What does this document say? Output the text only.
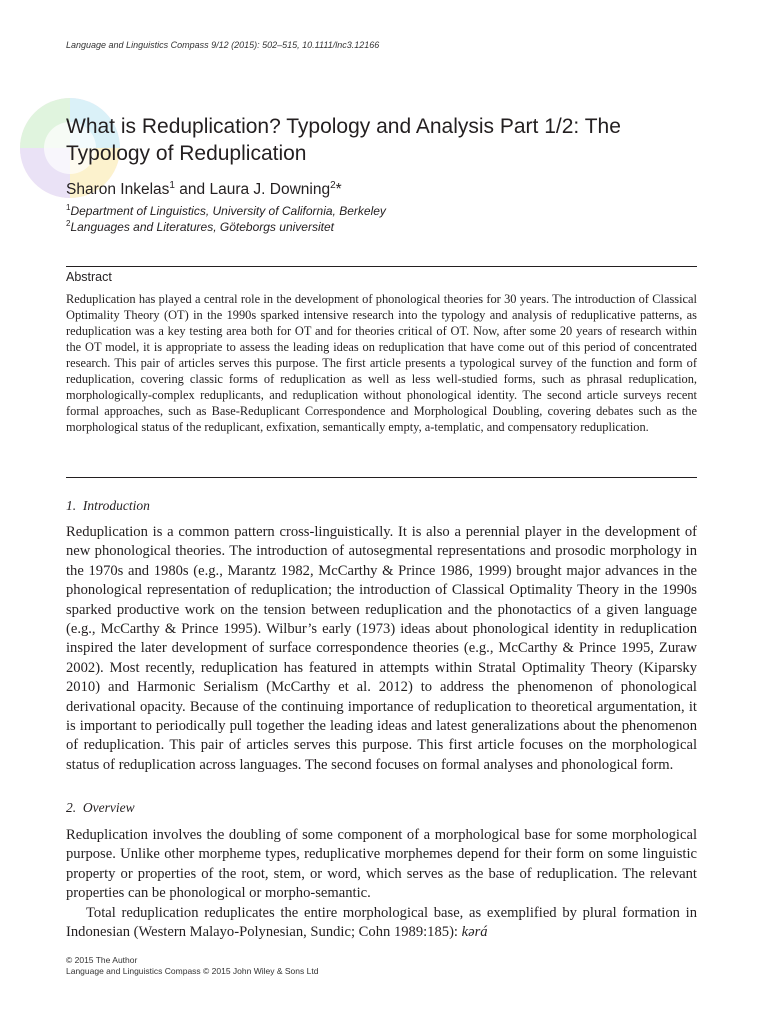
Language and Linguistics Compass 9/12 (2015): 502–515, 10.1111/lnc3.12166
What is Reduplication? Typology and Analysis Part 1/2: The Typology of Reduplication
Sharon Inkelas$^1$ and Laura J. Downing$^2$*
$^1$Department of Linguistics, University of California, Berkeley
$^2$Languages and Literatures, Göteborgs universitet
Abstract
Reduplication has played a central role in the development of phonological theories for 30 years. The introduction of Classical Optimality Theory (OT) in the 1990s sparked intensive research into the typology and analysis of reduplicative patterns, as reduplication was a key testing area both for OT and for theories critical of OT. Now, after some 20 years of research within the OT model, it is appropriate to assess the leading ideas on reduplication that have come out of this period of concentrated research. This pair of articles serves this purpose. The first article presents a typological survey of the function and form of reduplication, covering classic forms of reduplication as well as less well-studied forms, such as phrasal reduplication, morphologically-complex reduplicants, and reduplication without phonological identity. The second article surveys recent formal approaches, such as Base-Reduplicant Correspondence and Morphological Doubling, covering debates such as the morphological status of the reduplicant, exfixation, semantically empty, a-templatic, and compensatory reduplication.
1.  Introduction

Reduplication is a common pattern cross-linguistically. It is also a perennial player in the development of new phonological theories. The introduction of autosegmental representations and prosodic morphology in the 1970s and 1980s (e.g., Marantz 1982, McCarthy & Prince 1986, 1999) brought major advances in the phonological representation of reduplication; the introduction of Classical Optimality Theory in the 1990s sparked productive work on the tension between reduplication and the phonotactics of a given language (e.g., McCarthy & Prince 1995). Wilbur’s early (1973) ideas about phonological identity in reduplication inspired the later development of surface correspondence theories (e.g., McCarthy & Prince 1995, Zuraw 2002). Most recently, reduplication has featured in attempts within Stratal Optimality Theory (Kiparsky 2010) and Harmonic Serialism (McCarthy et al. 2012) to address the phenomenon of phonological derivational opacity. Because of the continuing importance of reduplication to theoretical argumentation, it is important to periodically pull together the leading ideas and latest generalizations about the phenomenon of reduplication. This pair of articles serves this purpose. This first article focuses on the morphological status of reduplication across languages. The second focuses on formal analyses and phonological form.

2.  Overview

Reduplication involves the doubling of some component of a morphological base for some morphological purpose. Unlike other morpheme types, reduplicative morphemes depend for their form on some linguistic property or properties of the root, stem, or word, which serves as the base of reduplication. The relevant properties can be phonological or morpho-semantic.

Total reduplication reduplicates the entire morphological base, as exemplified by plural formation in Indonesian (Western Malayo-Polynesian, Sundic; Cohn 1989:185): kərá

© 2015 The Author
Language and Linguistics Compass © 2015 John Wiley & Sons Ltd
